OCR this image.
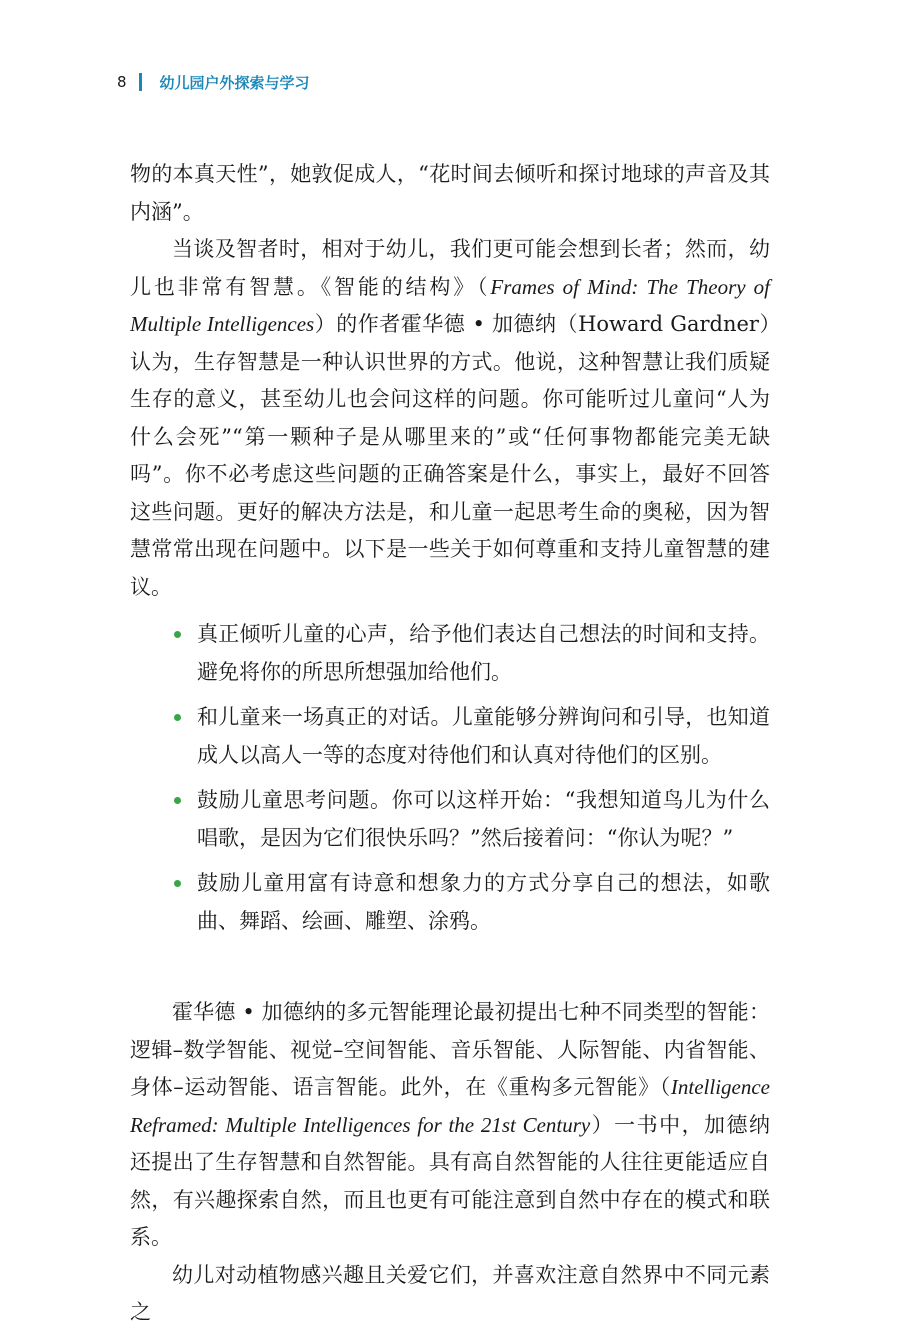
8 幼儿园户外探索与学习

物的本真天性”，她敦促成人，“花时间去倾听和探讨地球的声音及其内涵”。

当谈及智者时，相对于幼儿，我们更可能会想到长者；然而，幼儿也非常有智慧。《智能的结构》（Frames of Mind: The Theory of Multiple Intelligences）的作者霍华德 • 加德纳（Howard Gardner）认为，生存智慧是一种认识世界的方式。他说，这种智慧让我们质疑生存的意义，甚至幼儿也会问这样的问题。你可能听过儿童问“人为什么会死”“第一颗种子是从哪里来的”或“任何事物都能完美无缺吗”。你不必考虑这些问题的正确答案是什么，事实上，最好不回答这些问题。更好的解决方法是，和儿童一起思考生命的奥秘，因为智慧常常出现在问题中。以下是一些关于如何尊重和支持儿童智慧的建议。

真正倾听儿童的心声，给予他们表达自己想法的时间和支持。避免将你的所思所想强加给他们。
和儿童来一场真正的对话。儿童能够分辨询问和引导，也知道成人以高人一等的态度对待他们和认真对待他们的区别。
鼓励儿童思考问题。你可以这样开始：“我想知道鸟儿为什么唱歌，是因为它们很快乐吗？”然后接着问：“你认为呢？”
鼓励儿童用富有诗意和想象力的方式分享自己的想法，如歌曲、舞蹈、绘画、雕塑、涂鸦。

霍华德 • 加德纳的多元智能理论最初提出七种不同类型的智能：逻辑–数学智能、视觉–空间智能、音乐智能、人际智能、内省智能、身体–运动智能、语言智能。此外，在《重构多元智能》（Intelligence Reframed: Multiple Intelligences for the 21st Century）一书中，加德纳还提出了生存智慧和自然智能。具有高自然智能的人往往更能适应自然，有兴趣探索自然，而且也更有可能注意到自然中存在的模式和联系。

幼儿对动植物感兴趣且关爱它们，并喜欢注意自然界中不同元素之
